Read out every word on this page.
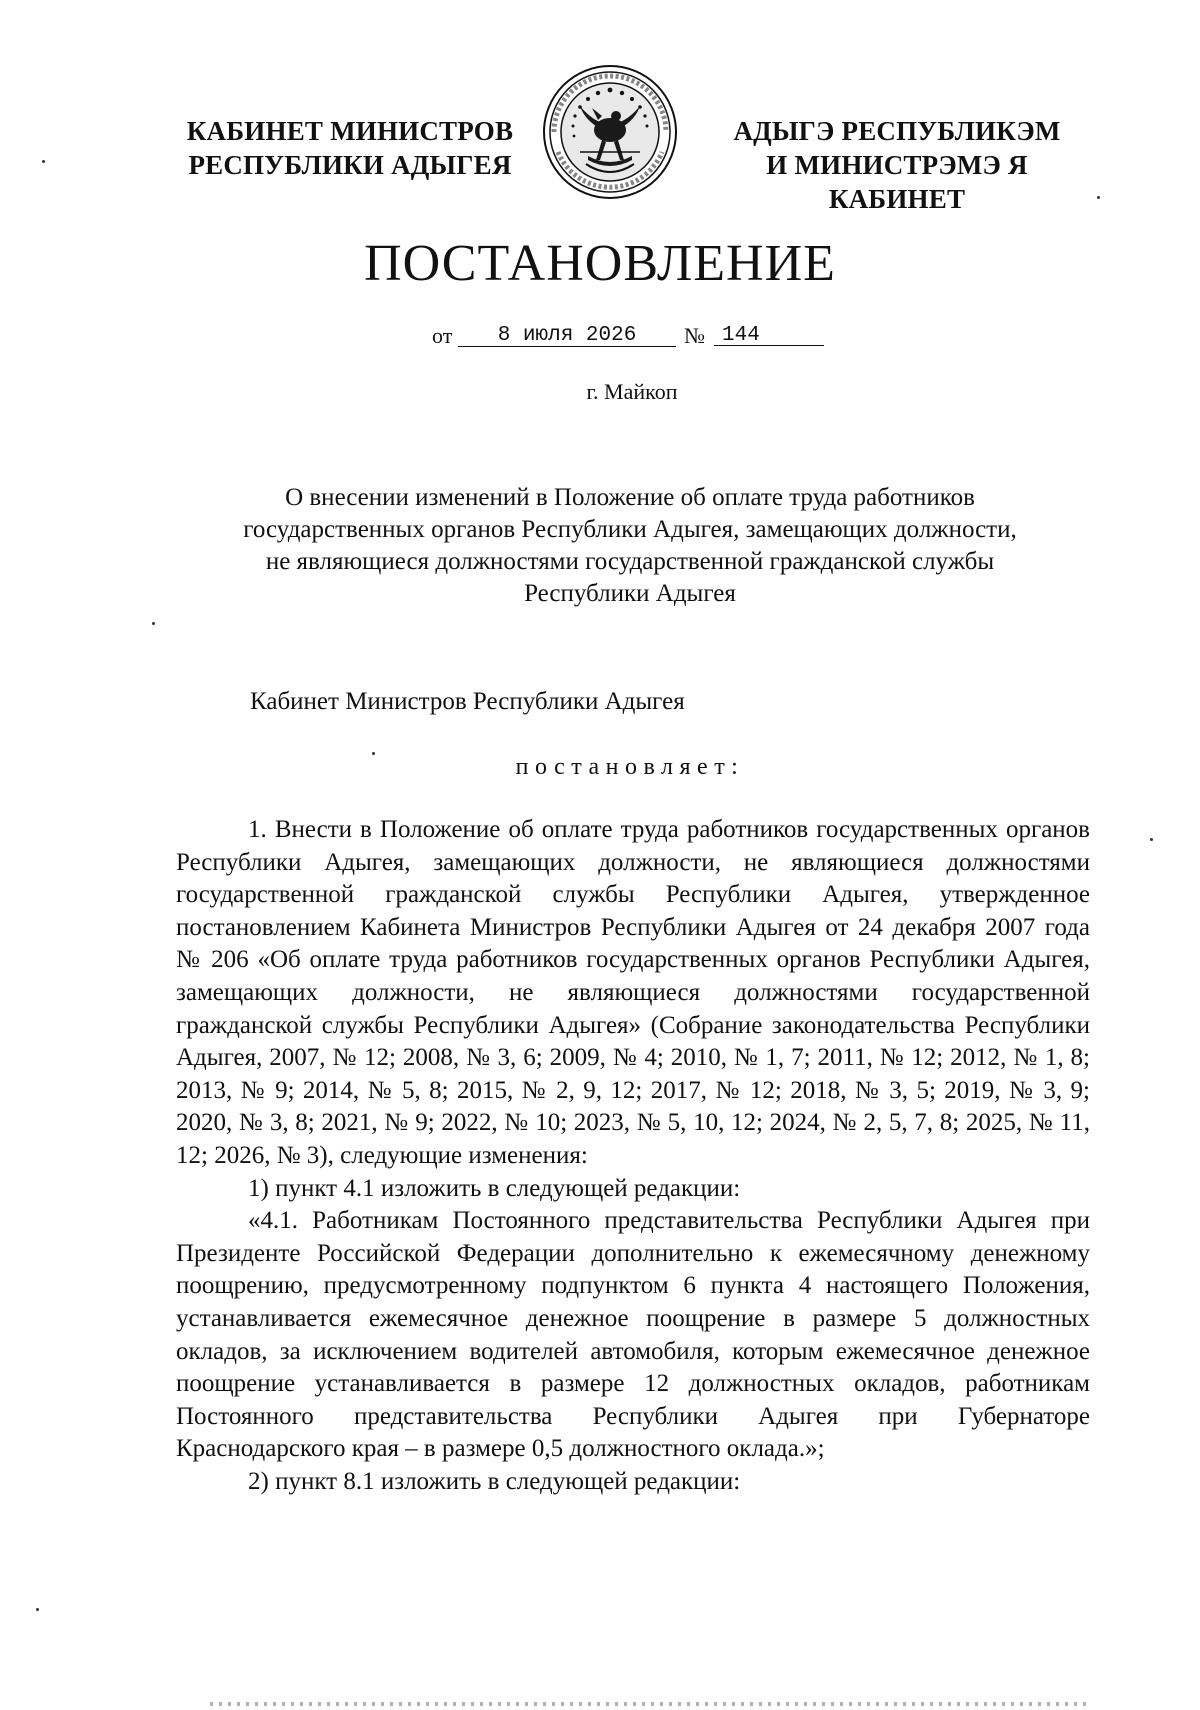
КАБИНЕТ МИНИСТРОВ
РЕСПУБЛИКИ АДЫГЕЯ
АДЫГЭ РЕСПУБЛИКЭМ
И МИНИСТРЭМЭ Я КАБИНЕТ
ПОСТАНОВЛЕНИЕ
от	8 июля 2026	№ 144
г. Майкоп
О внесении изменений в Положение об оплате труда работников
государственных органов Республики Адыгея, замещающих должности,
не являющиеся должностями государственной гражданской службы
Республики Адыгея
Кабинет Министров Республики Адыгея
постановляет:

1. Внести в Положение об оплате труда работников государственных органов Республики Адыгея, замещающих должности, не являющиеся должностями государственной гражданской службы Республики Адыгея, утвержденное постановлением Кабинета Министров Республики Адыгея от 24 декабря 2007 года № 206 «Об оплате труда работников государственных органов Республики Адыгея, замещающих должности, не являющиеся должностями государственной гражданской службы Республики Адыгея» (Собрание законодательства Республики Адыгея, 2007, № 12; 2008, № 3, 6; 2009, № 4; 2010, № 1, 7; 2011, № 12; 2012, № 1, 8; 2013, № 9; 2014, № 5, 8; 2015, № 2, 9, 12; 2017, № 12; 2018, № 3, 5; 2019, № 3, 9; 2020, № 3, 8; 2021, № 9; 2022, № 10; 2023, № 5, 10, 12; 2024, № 2, 5, 7, 8; 2025, № 11, 12; 2026, № 3), следующие изменения:

1) пункт 4.1 изложить в следующей редакции:

«4.1. Работникам Постоянного представительства Республики Адыгея при Президенте Российской Федерации дополнительно к ежемесячному денежному поощрению, предусмотренному подпунктом 6 пункта 4 настоящего Положения, устанавливается ежемесячное денежное поощрение в размере 5 должностных окладов, за исключением водителей автомобиля, которым ежемесячное денежное поощрение устанавливается в размере 12 должностных окладов, работникам Постоянного представительства Республики Адыгея при Губернаторе Краснодарского края – в размере 0,5 должностного оклада.»;

2) пункт 8.1 изложить в следующей редакции:
